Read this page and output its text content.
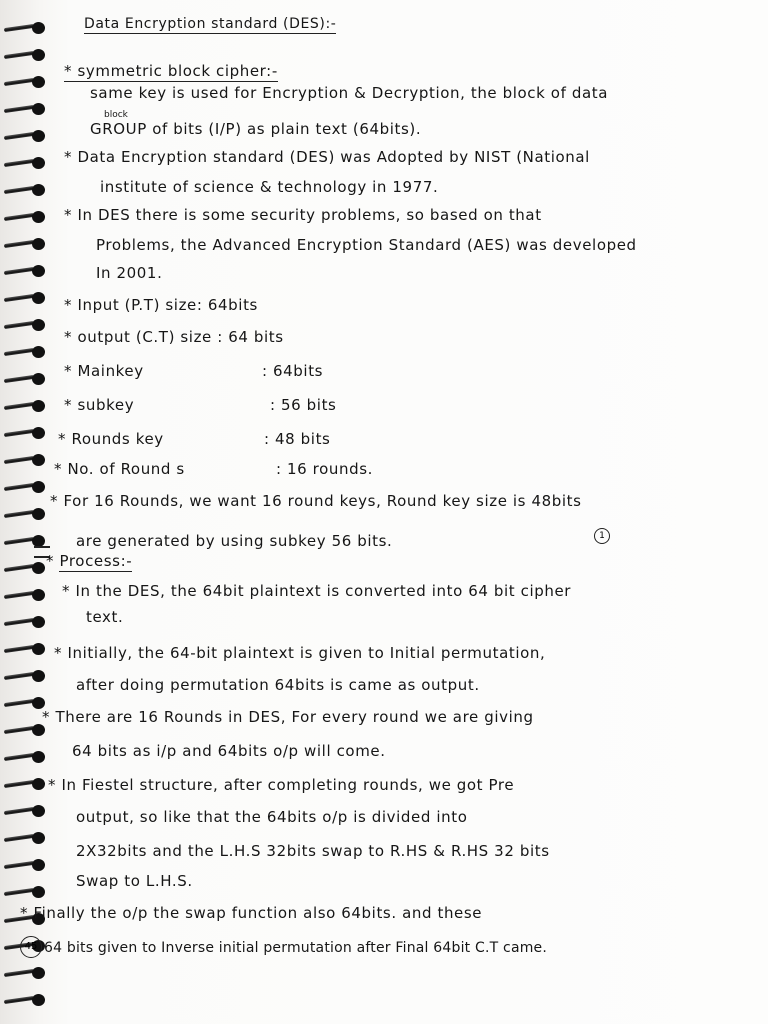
Data Encryption standard (DES):-
* symmetric block cipher:-
same key is used for Encryption & Decryption, the block of data
block
GROUP of bits (I/P) as plain text (64bits).
* Data Encryption standard (DES) was Adopted by NIST (National
institute of science & technology in 1977.
* In DES there is some security problems, so based on that
Problems, the Advanced Encryption Standard (AES) was developed
In 2001.
* Input (P.T) size: 64bits
* output (C.T) size : 64 bits
* Mainkey	: 64bits
* subkey	: 56 bits
* Rounds key	: 48 bits
* No. of Round s	: 16 rounds.
* For 16 Rounds, we want 16 round keys, Round key size is 48bits
are generated by using subkey 56 bits.	1
* Process:-
* In the DES, the 64bit plaintext is converted into 64 bit cipher
text.
* Initially, the 64-bit plaintext is given to Initial permutation,
after doing permutation 64bits is came as output.
* There are 16 Rounds in DES, For every round we are giving
64 bits as i/p and 64bits o/p will come.
* In Fiestel structure, after completing rounds, we got Pre
output, so like that the 64bits o/p is divided into
2X32bits and the L.H.S 32bits swap to R.HS & R.HS 32 bits
Swap to L.H.S.
* Finally the o/p the swap function also 64bits. and these
45 64 bits given to Inverse initial permutation after Final 64bit C.T came.
